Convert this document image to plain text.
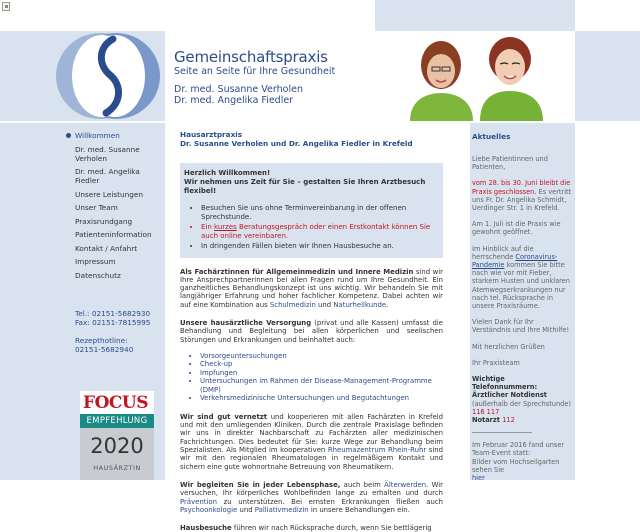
Gemeinschaftspraxis
Seite an Seite für Ihre Gesundheit
Dr. med. Susanne Verholen
Dr. med. Angelika Fiedler
Willkommen
Dr. med. Susanne Verholen
Dr. med. Angelika Fiedler
Unsere Leistungen
Unser Team
Praxisrundgang
Patienteninformation
Kontakt / Anfahrt
Impressum
Datenschutz
Tel.: 02151-5682930
Fax: 02151-7815995
Rezepthotline:
02151-5682940
FOCUS
EMPFEHLUNG
2020
HAUSÄRZTIN
Hausarztpraxis
Dr. Susanne Verholen und Dr. Angelika Fiedler in Krefeld
Herzlich Willkommen!
Wir nehmen uns Zeit für Sie – gestalten Sie Ihren Arztbesuch flexibel!
• Besuchen Sie uns ohne Terminvereinbarung in der offenen Sprechstunde.
• Ein kurzes Beratungsgespräch oder einen Erstkontakt können Sie auch online vereinbaren.
• In dringenden Fällen bieten wir Ihnen Hausbesuche an.
Als Fachärztinnen für Allgemeinmedizin und Innere Medizin sind wir Ihre Ansprechpartnerinnen bei allen Fragen rund um Ihre Gesundheit. Ein ganzheitliches Behandlungskonzept ist uns wichtig. Wir behandeln Sie mit langjähriger Erfahrung und hoher fachlicher Kompetenz. Dabei achten wir auf eine Kombination aus Schulmedizin und Naturheilkunde.
Unsere hausärztliche Versorgung (privat und alle Kassen) umfasst die Behandlung und Begleitung bei allen körperlichen und seelischen Störungen und Erkrankungen und beinhaltet auch:
• Vorsorgeuntersuchungen
• Check-up
• Impfungen
• Untersuchungen im Rahmen der Disease-Management-Programme (DMP)
• Verkehrsmedizinische Untersuchungen und Begutachtungen
Wir sind gut vernetzt und kooperieren mit allen Fachärzten in Krefeld und mit den umliegenden Kliniken. Durch die zentrale Praxislage befinden wir uns in direkter Nachbarschaft zu Fachärzten aller medizinischen Fachrichtungen. Dies bedeutet für Sie: kurze Wege zur Behandlung beim Spezialisten. Als Mitglied im kooperativen Rheumazentrum Rhein-Ruhr sind wir mit den regionalen Rheumatologen in regelmäßigem Kontakt und sichern eine gute wohnortnahe Betreuung von Rheumatikern.
Wir begleiten Sie in jeder Lebensphase, auch beim Älterwerden. Wir versuchen, Ihr körperliches Wohlbefinden lange zu erhalten und durch Prävention zu unterstützen. Bei ernsten Erkrankungen fließen auch Psychoonkologie und Palliativmedizin in unsere Behandlungen ein.
Hausbesuche führen wir nach Rücksprache durch, wenn Sie bettlägerig
Aktuelles

Liebe Patientinnen und Patienten,

vom 28. bis 30. Juni bleibt die Praxis geschlossen. Es vertritt uns Fr. Dr. Angelika Schmidt, Uerdinger Str. 1 in Krefeld.

Am 1. Juli ist die Praxis wie gewohnt geöffnet.

Im Hinblick auf die herrschende Coronavirus-Pandemie kommen Sie bitte nach wie vor mit Fieber, starkem Husten und unklaren Atemwegserkrankungen nur nach tel. Rücksprache in unsere Praxisräume.

Vielen Dank für Ihr Verständnis und Ihre Mithilfe!

Mit herzlichen Grüßen

Ihr Praxisteam

Wichtige Telefonnummern:
Ärztlicher Notdienst
(außerhalb der Sprechstunde)
116 117
Notarzt 112

Im Februar 2016 fand unser Team-Event statt:
Bilder vom Hochseilgarten sehen Sie
hier
